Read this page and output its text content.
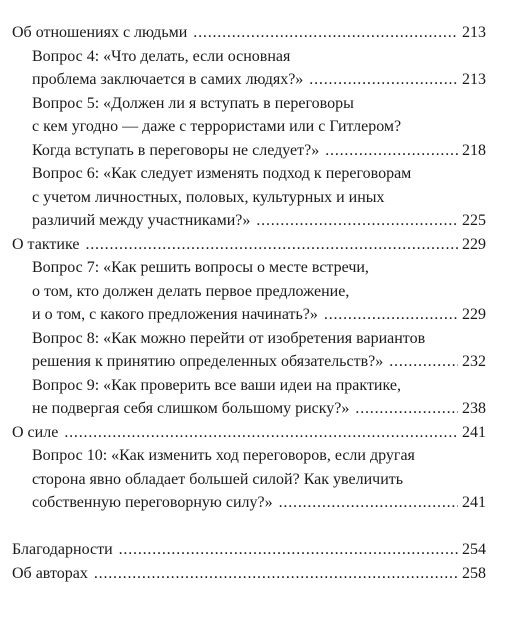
Об отношениях с людьми . . .	213
Вопрос 4: «Что делать, если основная
проблема заключается в самих людях?» . . .	213
Вопрос 5: «Должен ли я вступать в переговоры
с кем угодно — даже с террористами или с Гитлером?
Когда вступать в переговоры не следует?» . . .	218
Вопрос 6: «Как следует изменять подход к переговорам
с учетом личностных, половых, культурных и иных
различий между участниками?» . . .	225
О тактике . . .	229
Вопрос 7: «Как решить вопросы о месте встречи,
о том, кто должен делать первое предложение,
и о том, с какого предложения начинать?» . . .	229
Вопрос 8: «Как можно перейти от изобретения вариантов
решения к принятию определенных обязательств?» . . .	232
Вопрос 9: «Как проверить все ваши идеи на практике,
не подвергая себя слишком большому риску?» . . .	238
О силе . . .	241
Вопрос 10: «Как изменить ход переговоров, если другая
сторона явно обладает большей силой? Как увеличить
собственную переговорную силу?» . . .	241
Благодарности . . .	254
Об авторах . . .	258
